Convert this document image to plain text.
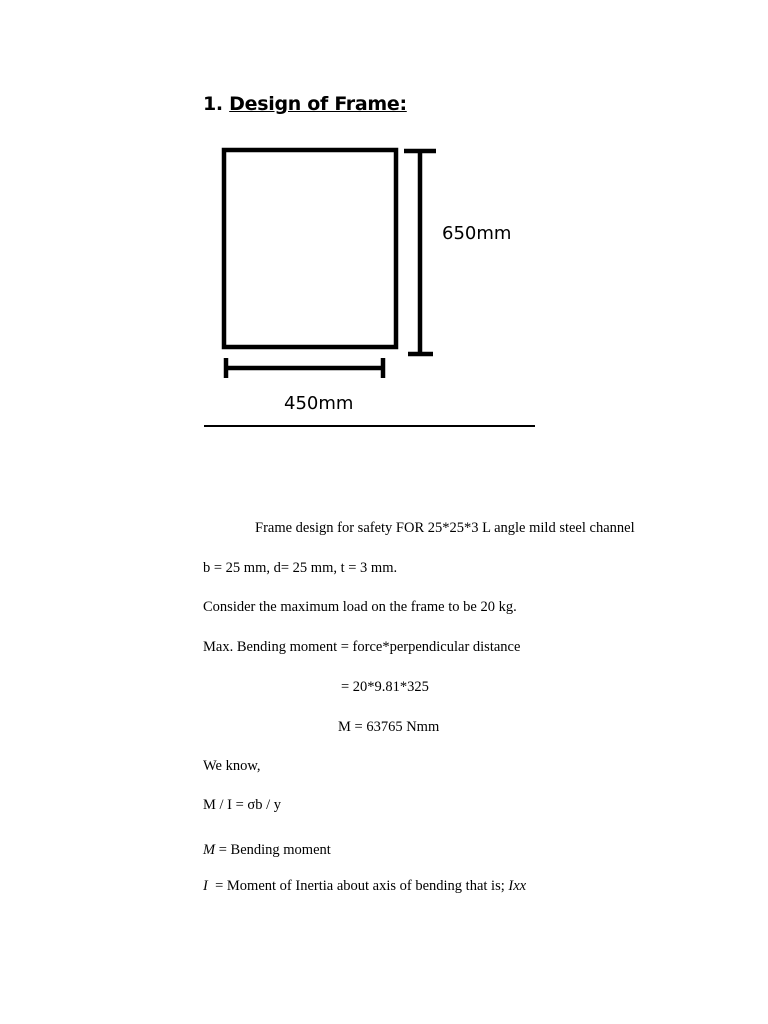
1. Design of Frame:
650mm
450mm

Frame design for safety FOR 25*25*3 L angle mild steel channel

b = 25 mm, d= 25 mm, t = 3 mm.

Consider the maximum load on the frame to be 20 kg.

Max. Bending moment = force*perpendicular distance

= 20*9.81*325

M = 63765 Nmm

We know,

M / I = σb / y

M = Bending moment

I  = Moment of Inertia about axis of bending that is; Ixx
